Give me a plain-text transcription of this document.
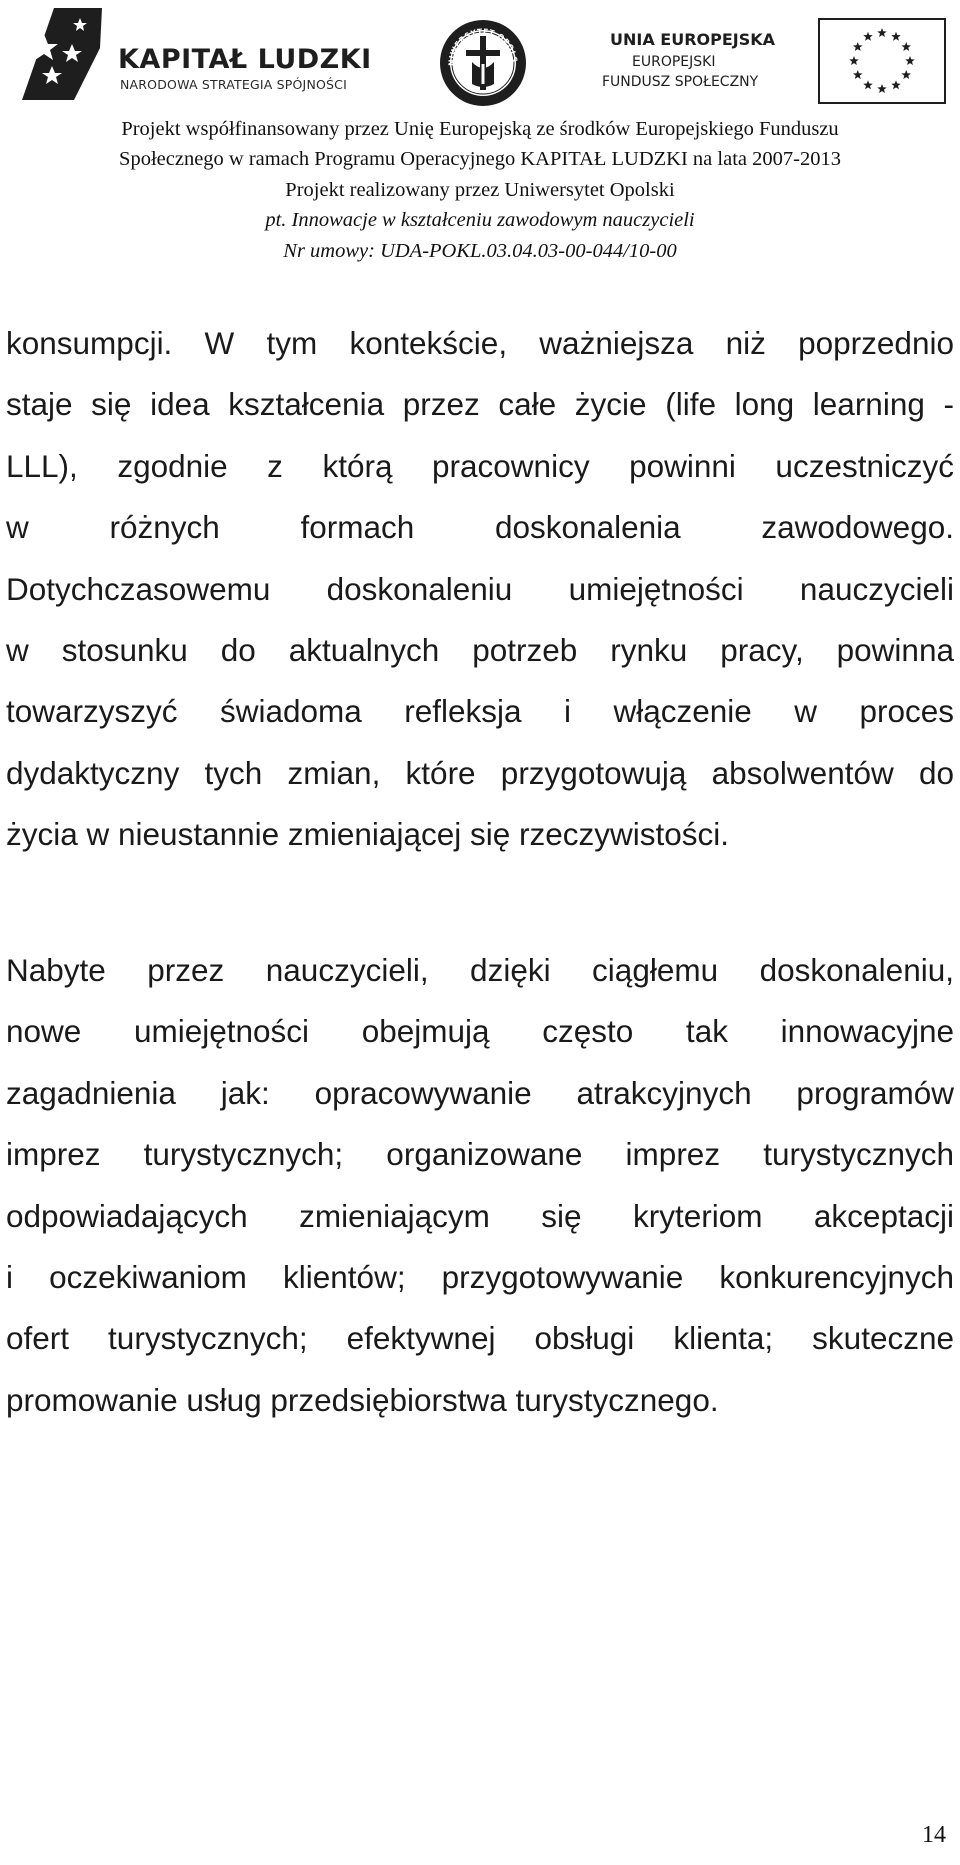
KAPITAŁ LUDZKI
NARODOWA STRATEGIA SPÓJNOŚCI
NIWERSYTET OPOLS
UNIA EUROPEJSKA
EUROPEJSKI
FUNDUSZ SPOŁECZNY
Projekt współfinansowany przez Unię Europejską ze środków Europejskiego Funduszu
Społecznego w ramach Programu Operacyjnego KAPITAŁ LUDZKI na lata 2007-2013
Projekt realizowany przez Uniwersytet Opolski
pt. Innowacje w kształceniu zawodowym nauczycieli
Nr umowy: UDA-POKL.03.04.03-00-044/10-00
konsumpcji. W tym kontekście, ważniejsza niż poprzednio
staje się idea kształcenia przez całe życie (life long learning -
LLL), zgodnie z którą pracownicy powinni uczestniczyć
w różnych formach doskonalenia zawodowego.
Dotychczasowemu doskonaleniu umiejętności nauczycieli
w stosunku do aktualnych potrzeb rynku pracy, powinna
towarzyszyć świadoma refleksja i włączenie w proces
dydaktyczny tych zmian, które przygotowują absolwentów do
życia w nieustannie zmieniającej się rzeczywistości.
Nabyte przez nauczycieli, dzięki ciągłemu doskonaleniu,
nowe umiejętności obejmują często tak innowacyjne
zagadnienia jak: opracowywanie atrakcyjnych programów
imprez turystycznych; organizowane imprez turystycznych
odpowiadających zmieniającym się kryteriom akceptacji
i oczekiwaniom klientów; przygotowywanie konkurencyjnych
ofert turystycznych; efektywnej obsługi klienta; skuteczne
promowanie usług przedsiębiorstwa turystycznego.
14
